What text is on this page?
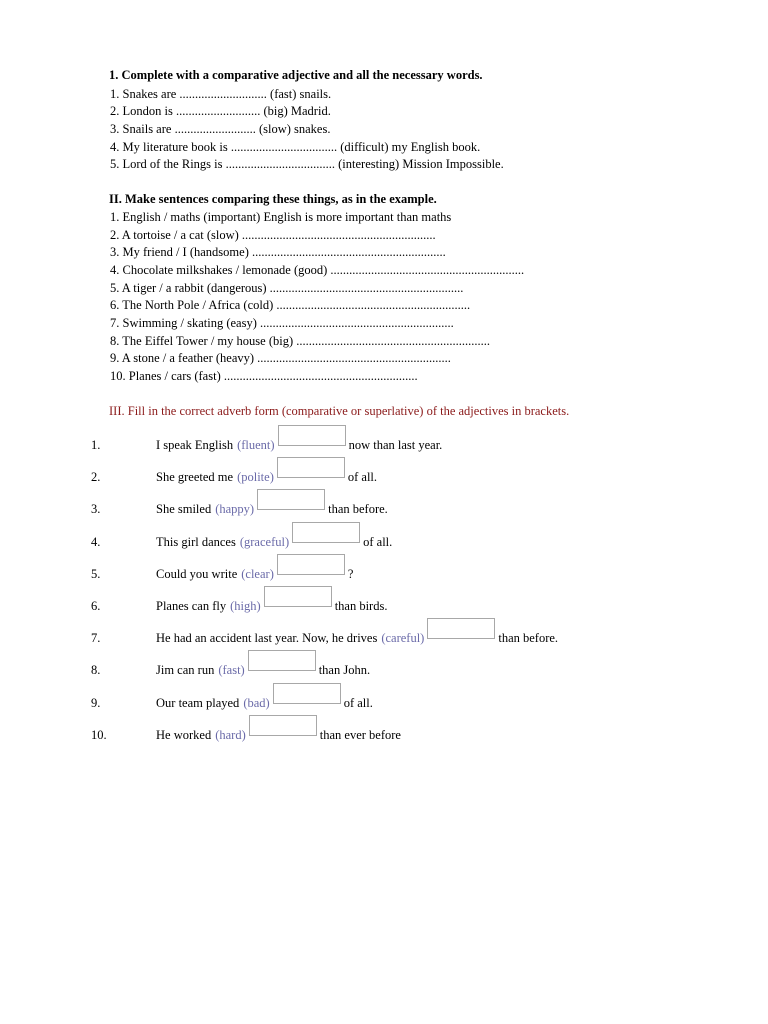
1. Complete with a comparative adjective and all the necessary words.
1. Snakes are ............................ (fast) snails.
2. London is ........................... (big) Madrid.
3. Snails are .......................... (slow) snakes.
4. My literature book is .................................. (difficult) my English book.
5. Lord of the Rings is ................................... (interesting) Mission Impossible.
II. Make sentences comparing these things, as in the example.
1. English / maths (important) English is more important than maths
2. A tortoise / a cat (slow) ..............................................................
3. My friend / I (handsome) ..............................................................
4. Chocolate milkshakes / lemonade (good) ..............................................................
5. A tiger / a rabbit (dangerous) ..............................................................
6. The North Pole / Africa (cold) ..............................................................
7. Swimming / skating (easy) ..............................................................
8. The Eiffel Tower / my house (big) ..............................................................
9. A stone / a feather (heavy) ..............................................................
10. Planes / cars (fast) ..............................................................
III. Fill in the correct adverb form (comparative or superlative) of the adjectives in brackets.
1.	I speak English (fluent)	now than last year.
2.	She greeted me (polite)	of all.
3.	She smiled (happy)	than before.
4.	This girl dances (graceful)	of all.
5.	Could you write (clear)	?
6.	Planes can fly (high)	than birds.
7.	He had an accident last year. Now, he drives (careful)	than before.
8.	Jim can run (fast)	than John.
9.	Our team played (bad)	of all.
10.	He worked (hard)	than ever before
